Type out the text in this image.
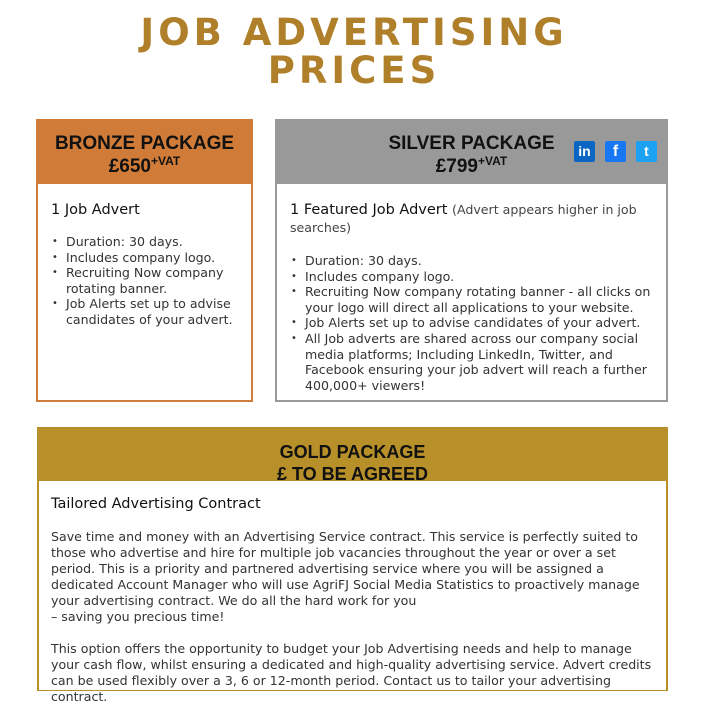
JOB ADVERTISING
PRICES
BRONZE PACKAGE
$£650^{+VAT}$
1 Job Advert
• Duration: 30 days.
• Includes company logo.
• Recruiting Now company rotating banner.
• Job Alerts set up to advise candidates of your advert.
SILVER PACKAGE
$£799^{+VAT}$
in	f	t
1 Featured Job Advert (Advert appears higher in job searches)
• Duration: 30 days.
• Includes company logo.
• Recruiting Now company rotating banner - all clicks on your logo will direct all applications to your website.
• Job Alerts set up to advise candidates of your advert.
• All Job adverts are shared across our company social media platforms; Including LinkedIn, Twitter, and Facebook ensuring your job advert will reach a further 400,000+ viewers!
GOLD PACKAGE
£ TO BE AGREED
Tailored Advertising Contract

Save time and money with an Advertising Service contract. This service is perfectly suited to those who advertise and hire for multiple job vacancies throughout the year or over a set period. This is a priority and partnered advertising service where you will be assigned a dedicated Account Manager who will use AgriFJ Social Media Statistics to proactively manage your advertising contract. We do all the hard work for you
– saving you precious time!

This option offers the opportunity to budget your Job Advertising needs and help to manage your cash flow, whilst ensuring a dedicated and high-quality advertising service. Advert credits can be used flexibly over a 3, 6 or 12-month period. Contact us to tailor your advertising contract.
